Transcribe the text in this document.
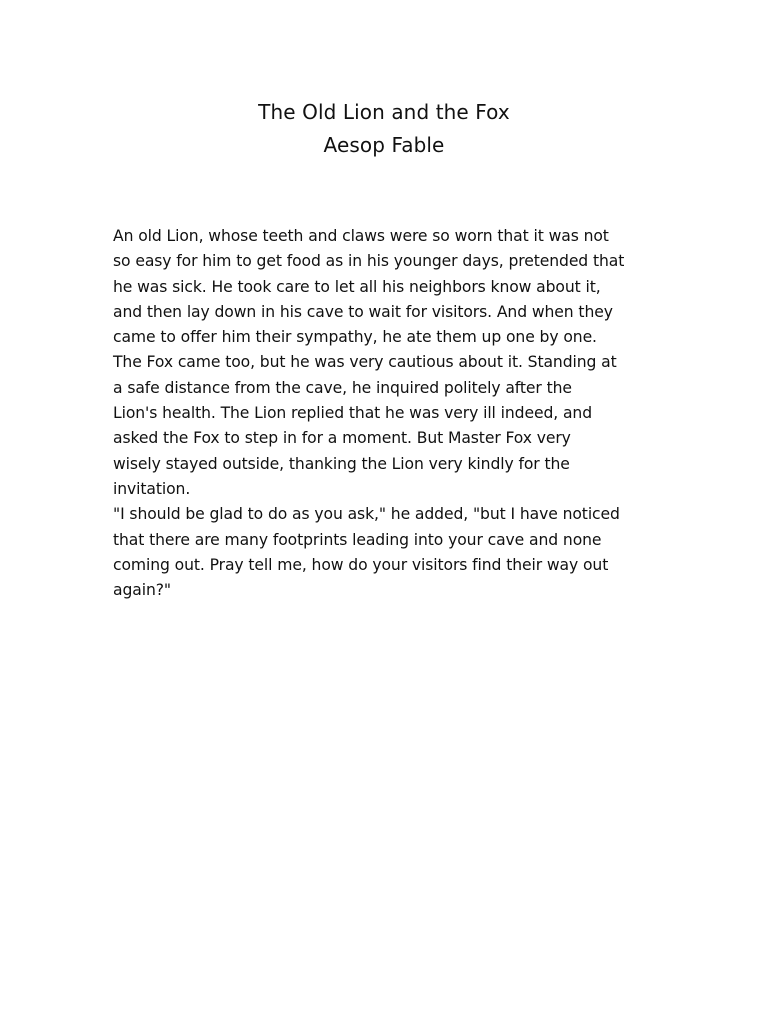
The Old Lion and the Fox
Aesop Fable
An old Lion, whose teeth and claws were so worn that it was not
so easy for him to get food as in his younger days, pretended that
he was sick. He took care to let all his neighbors know about it,
and then lay down in his cave to wait for visitors. And when they
came to offer him their sympathy, he ate them up one by one.
The Fox came too, but he was very cautious about it. Standing at
a safe distance from the cave, he inquired politely after the
Lion's health. The Lion replied that he was very ill indeed, and
asked the Fox to step in for a moment. But Master Fox very
wisely stayed outside, thanking the Lion very kindly for the
invitation.
"I should be glad to do as you ask," he added, "but I have noticed
that there are many footprints leading into your cave and none
coming out. Pray tell me, how do your visitors find their way out
again?"
